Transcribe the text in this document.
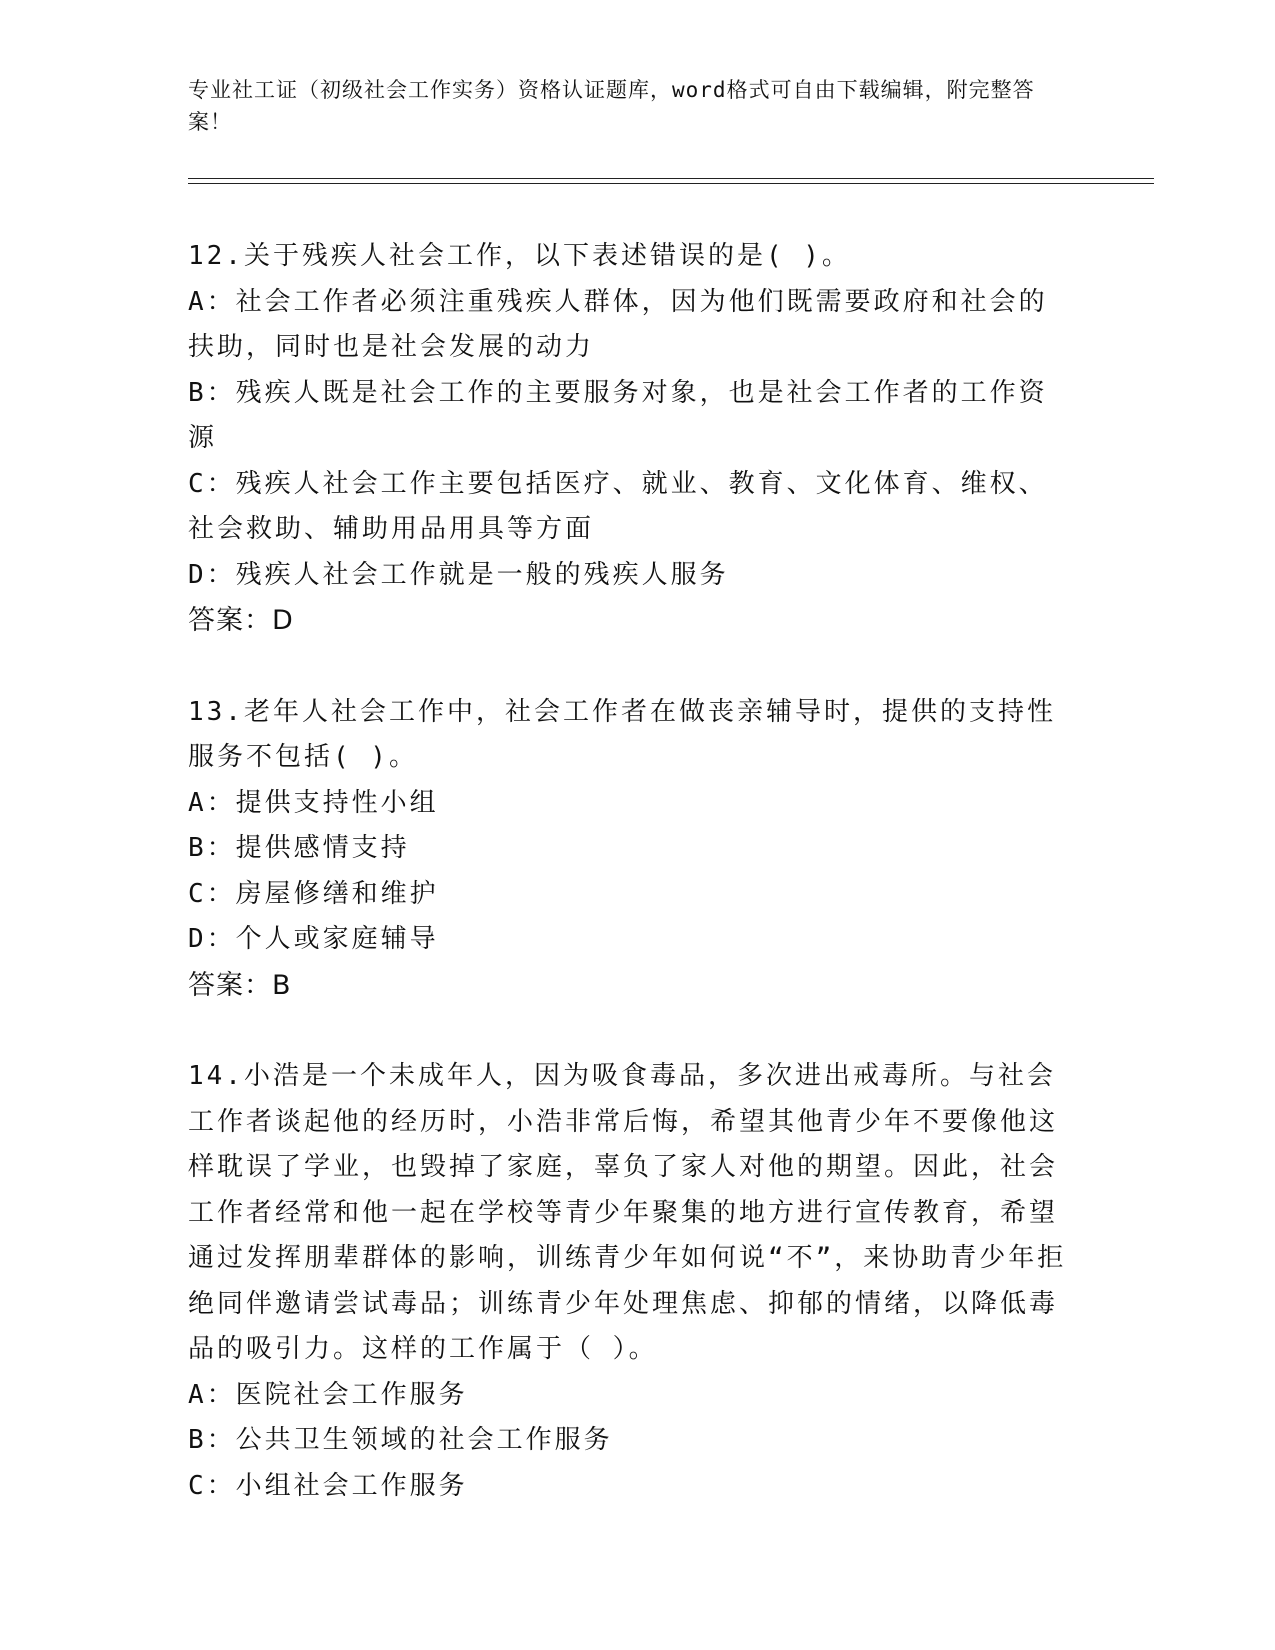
专业社工证（初级社会工作实务）资格认证题库，word格式可自由下载编辑，附完整答案！
12.关于残疾人社会工作，以下表述错误的是( )。
A：社会工作者必须注重残疾人群体，因为他们既需要政府和社会的扶助，同时也是社会发展的动力
B：残疾人既是社会工作的主要服务对象，也是社会工作者的工作资源
C：残疾人社会工作主要包括医疗、就业、教育、文化体育、维权、社会救助、辅助用品用具等方面
D：残疾人社会工作就是一般的残疾人服务
答案：D
13.老年人社会工作中，社会工作者在做丧亲辅导时，提供的支持性服务不包括( )。
A：提供支持性小组
B：提供感情支持
C：房屋修缮和维护
D：个人或家庭辅导
答案：B
14.小浩是一个未成年人，因为吸食毒品，多次进出戒毒所。与社会工作者谈起他的经历时，小浩非常后悔，希望其他青少年不要像他这样耽误了学业，也毁掉了家庭，辜负了家人对他的期望。因此，社会工作者经常和他一起在学校等青少年聚集的地方进行宣传教育，希望通过发挥朋辈群体的影响，训练青少年如何说“不”，来协助青少年拒绝同伴邀请尝试毒品；训练青少年处理焦虑、抑郁的情绪，以降低毒品的吸引力。这样的工作属于（ ）。
A：医院社会工作服务
B：公共卫生领域的社会工作服务
C：小组社会工作服务
